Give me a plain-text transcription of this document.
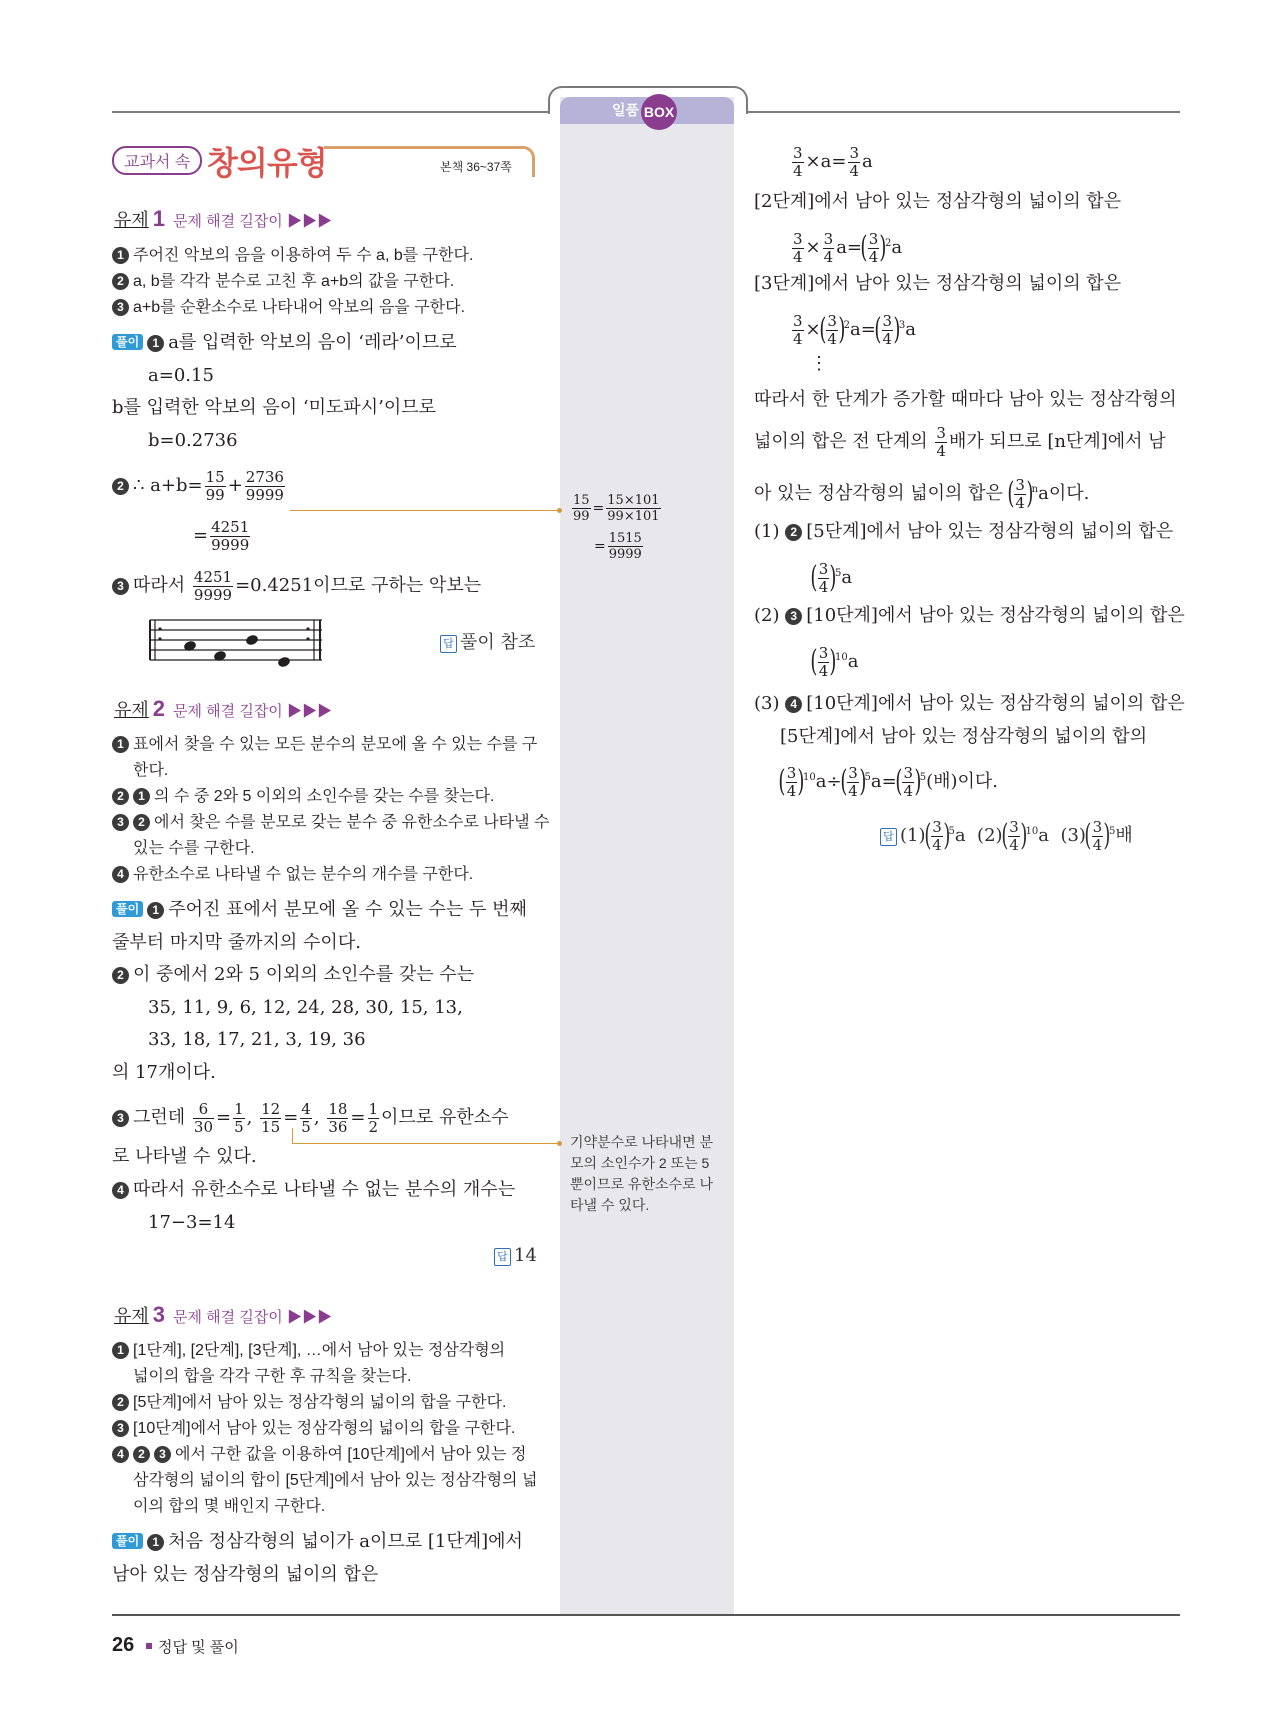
일품 BOX
교과서 속 창의유형	본책 36~37쪽
유제 1 문제 해결 길잡이 ▶▶▶
1 주어진 악보의 음을 이용하여 두 수 a, b를 구한다.
2 a, b를 각각 분수로 고친 후 a+b의 값을 구한다.
3 a+b를 순환소수로 나타내어 악보의 음을 구한다.
풀이 1 a를 입력한 악보의 음이 ‘레라’이므로
a=0.15
b를 입력한 악보의 음이 ‘미도파시’이므로
b=0.2736
2 ∴ $a+b= \frac{15}{99} + \frac{2736}{9999}$
= $\frac{4251}{9999}$
3 따라서 $\frac{4251}{9999} =0.4251$이므로 구하는 악보는
답 풀이 참조
유제 2 문제 해결 길잡이 ▶▶▶
1 표에서 찾을 수 있는 모든 분수의 분모에 올 수 있는 수를 구
한다.
2 1 의 수 중 2와 5 이외의 소인수를 갖는 수를 찾는다.
3 2 에서 찾은 수를 분모로 갖는 분수 중 유한소수로 나타낼 수
있는 수를 구한다.
4 유한소수로 나타낼 수 없는 분수의 개수를 구한다.
풀이 1 주어진 표에서 분모에 올 수 있는 수는 두 번째
줄부터 마지막 줄까지의 수이다.
2 이 중에서 2와 5 이외의 소인수를 갖는 수는
35, 11, 9, 6, 12, 24, 28, 30, 15, 13,
33, 18, 17, 21, 3, 19, 36
의 17개이다.
3 그런데 $\frac{6}{30} = \frac{1}{5}$ , $\frac{12}{15} = \frac{4}{5}$ , $\frac{18}{36} = \frac{1}{2}$ 이므로 유한소수
로 나타낼 수 있다.
4 따라서 유한소수로 나타낼 수 없는 분수의 개수는
17−3=14
답 14
유제 3 문제 해결 길잡이 ▶▶▶
1 [1단계], [2단계], [3단계], …에서 남아 있는 정삼각형의
넓이의 합을 각각 구한 후 규칙을 찾는다.
2 [5단계]에서 남아 있는 정삼각형의 넓이의 합을 구한다.
3 [10단계]에서 남아 있는 정삼각형의 넓이의 합을 구한다.
4 2 3 에서 구한 값을 이용하여 [10단계]에서 남아 있는 정
삼각형의 넓이의 합이 [5단계]에서 남아 있는 정삼각형의 넓
이의 합의 몇 배인지 구한다.
풀이 1 처음 정삼각형의 넓이가 a이므로 [1단계]에서
남아 있는 정삼각형의 넓이의 합은
$\frac{15}{99} = \frac{15\times 101}{99\times 101}$
= $\frac{1515}{9999}$
기약분수로 나타내면 분
모의 소인수가 2 또는 5
뿐이므로 유한소수로 나
타낼 수 있다.
$\frac{3}{4} \times a= \frac{3}{4}$ a
[2단계]에서 남아 있는 정삼각형의 넓이의 합은
$\frac{3}{4} \times \frac{3}{4} a=( \frac{3}{4} )^2a$
[3단계]에서 남아 있는 정삼각형의 넓이의 합은
$\frac{3}{4}$ ×( $\frac{3}{4} )^2a=( \frac{3}{4} )^3a$
⋮
따라서 한 단계가 증가할 때마다 남아 있는 정삼각형의
넓이의 합은 전 단계의 $\frac{3}{4}$ 배가 되므로 [n단계]에서 남
아 있는 정삼각형의 넓이의 합은 ( $\frac{3}{4} )^na$이다.
(1) 2 [5단계]에서 남아 있는 정삼각형의 넓이의 합은
( $\frac{3}{4} )^5a$
(2) 3 [10단계]에서 남아 있는 정삼각형의 넓이의 합은
( $\frac{3}{4} )^{10}a$
(3) 4 [10단계]에서 남아 있는 정삼각형의 넓이의 합은
[5단계]에서 남아 있는 정삼각형의 넓이의 합의
( $\frac{3}{4} )^{10}a\div( \frac{3}{4} )^5a=( \frac{3}{4} )^5$(배)이다.
답 $(1)( \frac{3}{4} )^5a$ $(2)( \frac{3}{4} )^{10}a$ $(3)( \frac{3}{4} )^5$배
26 정답 및 풀이
